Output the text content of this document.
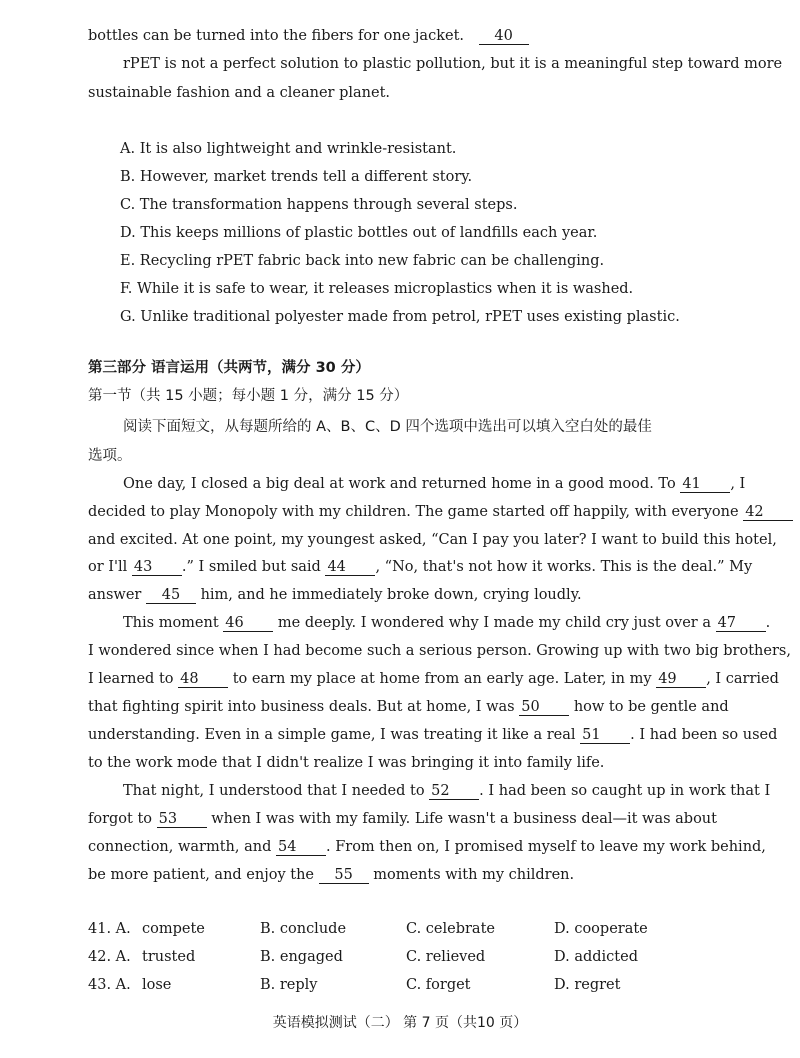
bottles can be turned into the fibers for one jacket. 40
rPET is not a perfect solution to plastic pollution, but it is a meaningful step toward more
sustainable fashion and a cleaner planet.
A. It is also lightweight and wrinkle-resistant.
B. However, market trends tell a different story.
C. The transformation happens through several steps.
D. This keeps millions of plastic bottles out of landfills each year.
E. Recycling rPET fabric back into new fabric can be challenging.
F. While it is safe to wear, it releases microplastics when it is washed.
G. Unlike traditional polyester made from petrol, rPET uses existing plastic.
第三部分 语言运用（共两节，满分 30 分）
第一节（共 15 小题；每小题 1 分，满分 15 分）
阅读下面短文，从每题所给的 A、B、C、D 四个选项中选出可以填入空白处的最佳
选项。
One day, I closed a big deal at work and returned home in a good mood. To 41 , I
decided to play Monopoly with my children. The game started off happily, with everyone 42
and excited. At one point, my youngest asked, “Can I pay you later? I want to build this hotel,
or I'll 43 .” I smiled but said 44 , “No, that's not how it works. This is the deal.” My
answer 45 him, and he immediately broke down, crying loudly.
This moment 46 me deeply. I wondered why I made my child cry just over a 47 .
I wondered since when I had become such a serious person. Growing up with two big brothers,
I learned to 48 to earn my place at home from an early age. Later, in my 49 , I carried
that fighting spirit into business deals. But at home, I was 50 how to be gentle and
understanding. Even in a simple game, I was treating it like a real 51 . I had been so used
to the work mode that I didn't realize I was bringing it into family life.
That night, I understood that I needed to 52 . I had been so caught up in work that I
forgot to 53 when I was with my family. Life wasn't a business deal—it was about
connection, warmth, and 54 . From then on, I promised myself to leave my work behind,
be more patient, and enjoy the 55 moments with my children.
41. A. compete	B. conclude	C. celebrate	D. cooperate
42. A. trusted	B. engaged	C. relieved	D. addicted
43. A. lose	B. reply	C. forget	D. regret
英语模拟测试（二） 第 7 页（共10 页）
